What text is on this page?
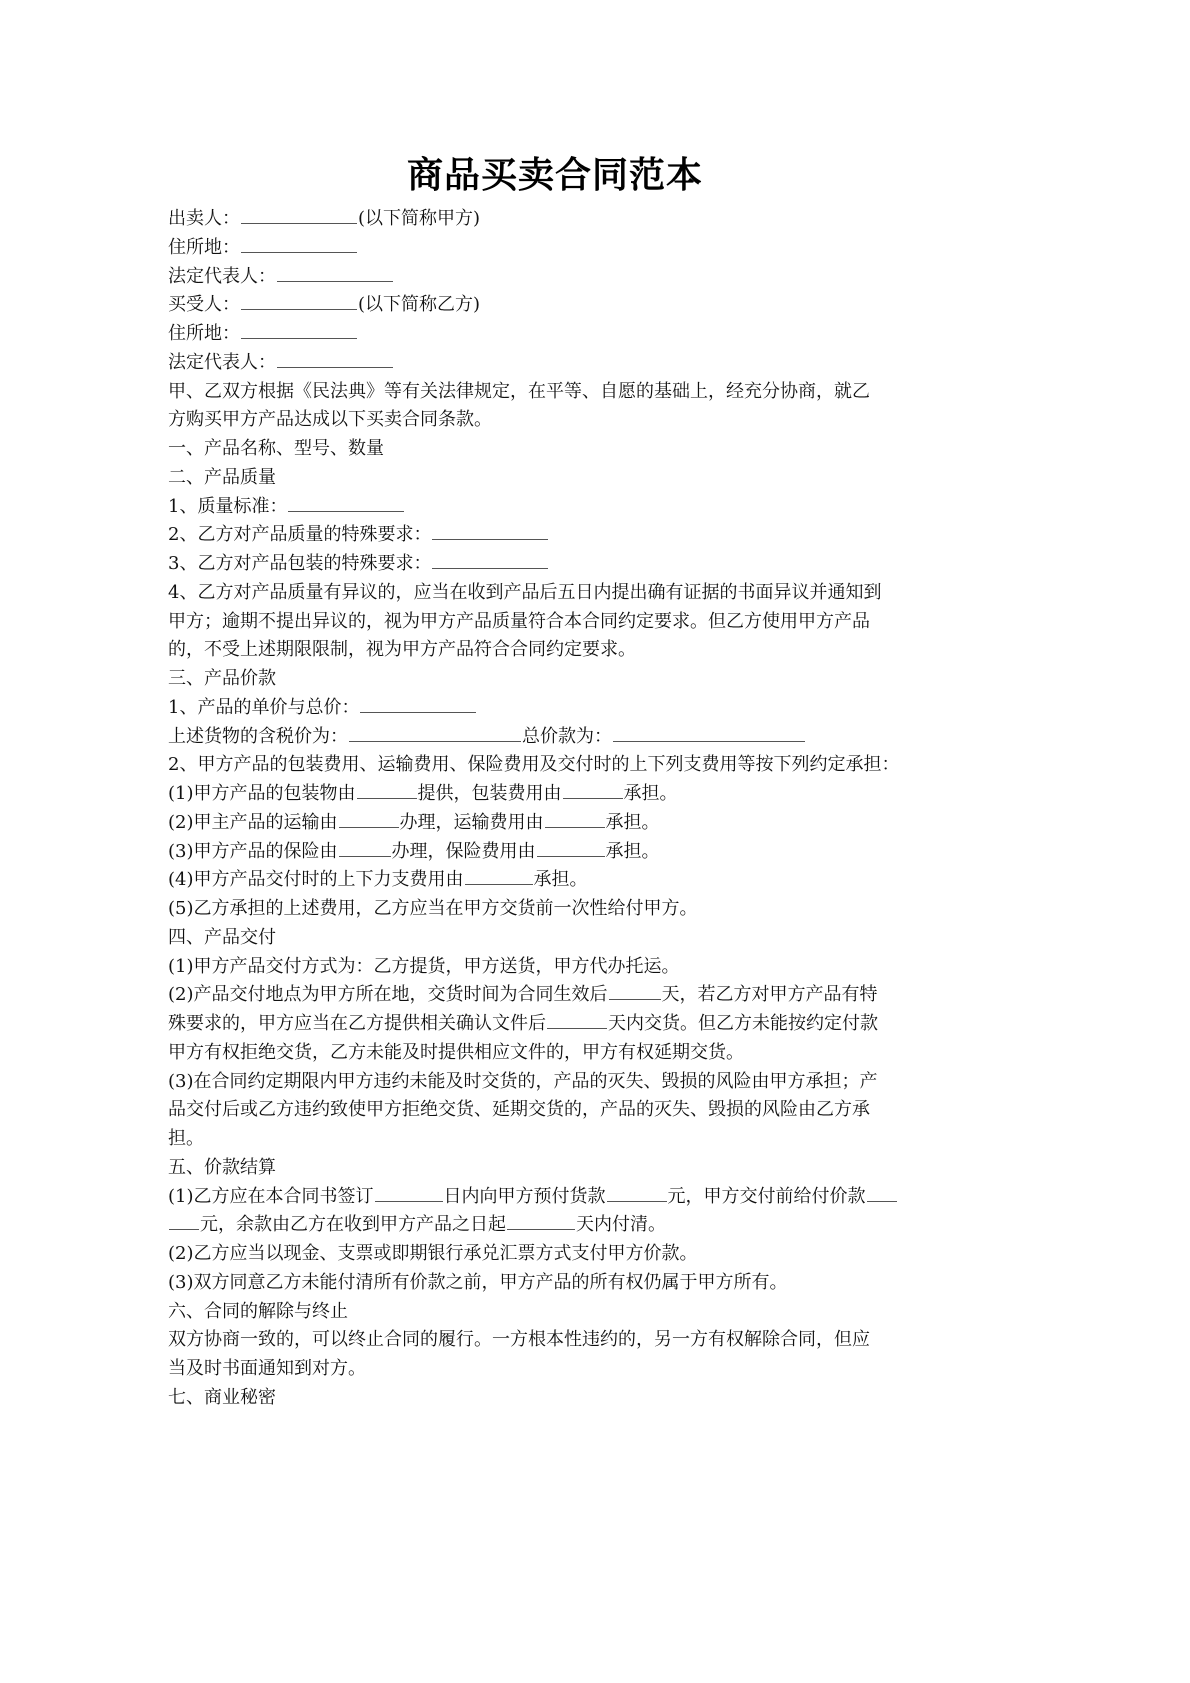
商品买卖合同范本
出卖人：	(以下简称甲方)
住所地：
法定代表人：
买受人：	(以下简称乙方)
住所地：
法定代表人：
甲、乙双方根据《民法典》等有关法律规定，在平等、自愿的基础上，经充分协商，就乙
方购买甲方产品达成以下买卖合同条款。
一、产品名称、型号、数量
二、产品质量
1、质量标准：
2、乙方对产品质量的特殊要求：
3、乙方对产品包装的特殊要求：
4、乙方对产品质量有异议的，应当在收到产品后五日内提出确有证据的书面异议并通知到
甲方；逾期不提出异议的，视为甲方产品质量符合本合同约定要求。但乙方使用甲方产品
的，不受上述期限限制，视为甲方产品符合合同约定要求。
三、产品价款
1、产品的单价与总价：
上述货物的含税价为：	总价款为：
2、甲方产品的包装费用、运输费用、保险费用及交付时的上下列支费用等按下列约定承担：
(1)甲方产品的包装物由	提供，包装费用由	承担。
(2)甲主产品的运输由	办理，运输费用由	承担。
(3)甲方产品的保险由	办理，保险费用由	承担。
(4)甲方产品交付时的上下力支费用由	承担。
(5)乙方承担的上述费用，乙方应当在甲方交货前一次性给付甲方。
四、产品交付
(1)甲方产品交付方式为：乙方提货，甲方送货，甲方代办托运。
(2)产品交付地点为甲方所在地，交货时间为合同生效后	天，若乙方对甲方产品有特
殊要求的，甲方应当在乙方提供相关确认文件后	天内交货。但乙方未能按约定付款
甲方有权拒绝交货，乙方未能及时提供相应文件的，甲方有权延期交货。
(3)在合同约定期限内甲方违约未能及时交货的，产品的灭失、毁损的风险由甲方承担；产
品交付后或乙方违约致使甲方拒绝交货、延期交货的，产品的灭失、毁损的风险由乙方承
担。
五、价款结算
(1)乙方应在本合同书签订	日内向甲方预付货款	元，甲方交付前给付价款
元，余款由乙方在收到甲方产品之日起	天内付清。
(2)乙方应当以现金、支票或即期银行承兑汇票方式支付甲方价款。
(3)双方同意乙方未能付清所有价款之前，甲方产品的所有权仍属于甲方所有。
六、合同的解除与终止
双方协商一致的，可以终止合同的履行。一方根本性违约的，另一方有权解除合同，但应
当及时书面通知到对方。
七、商业秘密
